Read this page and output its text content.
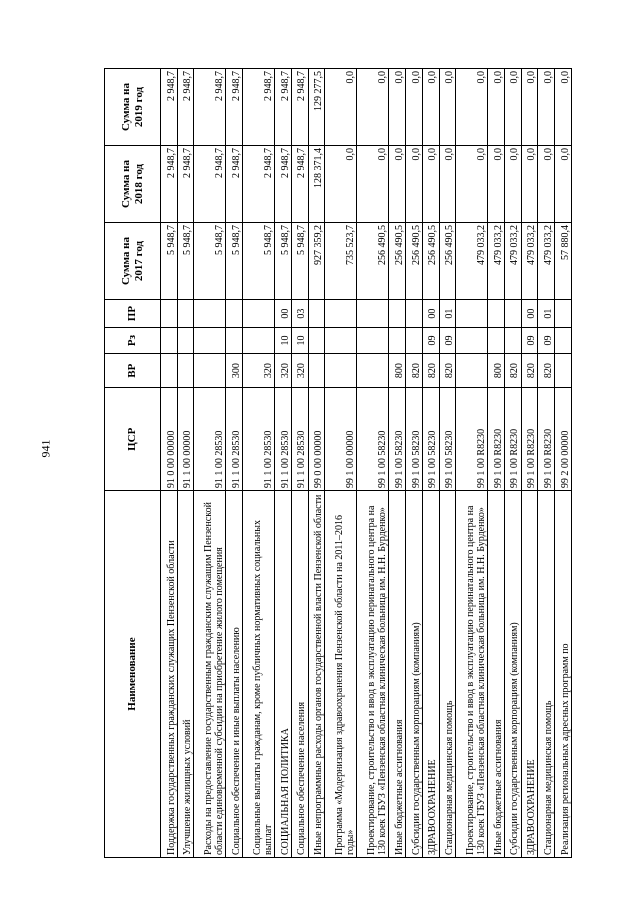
941
Наименование	ЦСР	ВР	Рз	ПР	Сумма на 2017 год	Сумма на 2018 год	Сумма на 2019 год
Поддержка государственных гражданских служащих Пензенской области	91 0 00 00000				5 948,7	2 948,7	2 948,7
Улучшение жилищных условий	91 1 00 00000				5 948,7	2 948,7	2 948,7
Расходы на предоставление государственным гражданским служащим Пензенской области единовременной субсидии на приобретение жилого помещения	91 1 00 28530				5 948,7	2 948,7	2 948,7
Социальное обеспечение и иные выплаты населению	91 1 00 28530	300			5 948,7	2 948,7	2 948,7
Социальные выплаты гражданам, кроме публичных нормативных социальных выплат	91 1 00 28530	320			5 948,7	2 948,7	2 948,7
СОЦИАЛЬНАЯ ПОЛИТИКА	91 1 00 28530	320	10	00	5 948,7	2 948,7	2 948,7
Социальное обеспечение населения	91 1 00 28530	320	10	03	5 948,7	2 948,7	2 948,7
Иные непрограммные расходы органов государственной власти Пензенской области	99 0 00 00000				927 359,2	128 371,4	129 277,5
Программа «Модернизация здравоохранения Пензенской области на 2011–2016 годы»	99 1 00 00000				735 523,7	0,0	0,0
Проектирование, строительство и ввод в эксплуатацию перинатального центра на 130 коек ГБУЗ «Пензенская областная клиническая больница им. Н.Н. Бурденко»	99 1 00 58230				256 490,5	0,0	0,0
Иные бюджетные ассигнования	99 1 00 58230	800			256 490,5	0,0	0,0
Субсидии государственным корпорациям (компаниям)	99 1 00 58230	820			256 490,5	0,0	0,0
ЗДРАВООХРАНЕНИЕ	99 1 00 58230	820	09	00	256 490,5	0,0	0,0
Стационарная медицинская помощь	99 1 00 58230	820	09	01	256 490,5	0,0	0,0
Проектирование, строительство и ввод в эксплуатацию перинатального центра на 130 коек ГБУЗ «Пензенская областная клиническая больница им. Н.Н. Бурденко»	99 1 00 R8230				479 033,2	0,0	0,0
Иные бюджетные ассигнования	99 1 00 R8230	800			479 033,2	0,0	0,0
Субсидии государственным корпорациям (компаниям)	99 1 00 R8230	820			479 033,2	0,0	0,0
ЗДРАВООХРАНЕНИЕ	99 1 00 R8230	820	09	00	479 033,2	0,0	0,0
Стационарная медицинская помощь	99 1 00 R8230	820	09	01	479 033,2	0,0	0,0
Реализация региональных адресных программ по	99 2 00 00000				57 880,4	0,0	0,0
